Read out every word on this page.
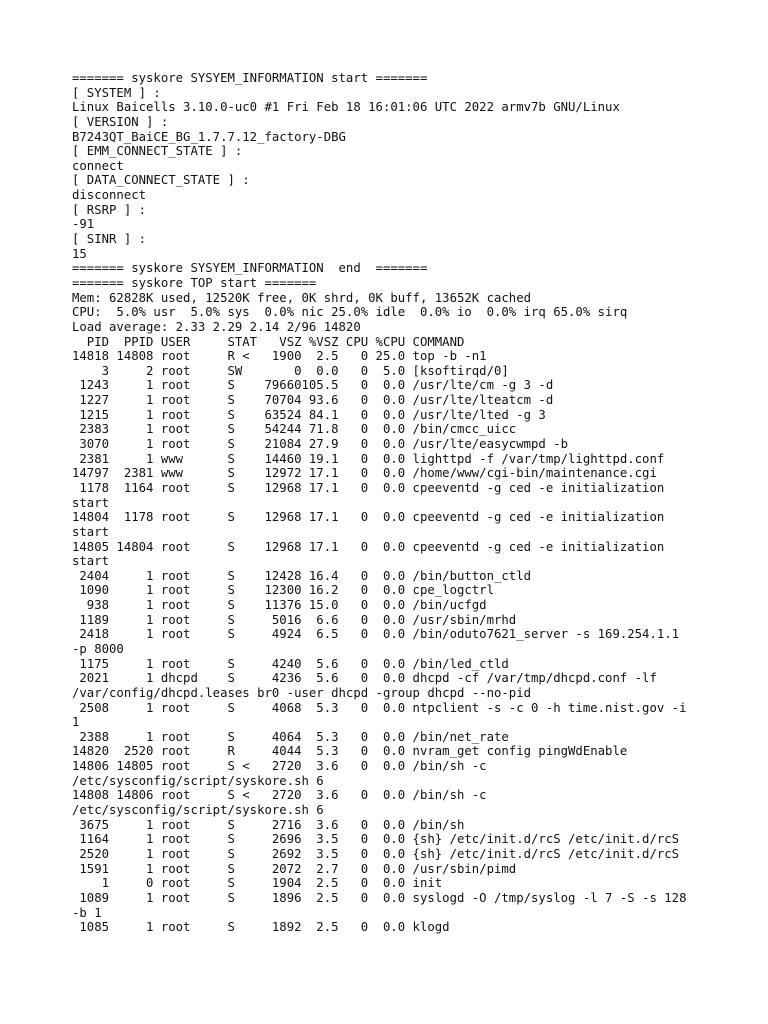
======= syskore SYSYEM_INFORMATION start =======
[ SYSTEM ] :
Linux Baicells 3.10.0-uc0 #1 Fri Feb 18 16:01:06 UTC 2022 armv7b GNU/Linux
[ VERSION ] :
B7243QT_BaiCE_BG_1.7.7.12_factory-DBG
[ EMM_CONNECT_STATE ] :
connect
[ DATA_CONNECT_STATE ] :
disconnect
[ RSRP ] :
-91
[ SINR ] :
15
======= syskore SYSYEM_INFORMATION  end  =======
======= syskore TOP start =======
Mem: 62828K used, 12520K free, 0K shrd, 0K buff, 13652K cached
CPU:  5.0% usr  5.0% sys  0.0% nic 25.0% idle  0.0% io  0.0% irq 65.0% sirq
Load average: 2.33 2.29 2.14 2/96 14820
PID  PPID USER     STAT   VSZ %VSZ CPU %CPU COMMAND
14818 14808 root     R <   1900  2.5   0 25.0 top -b -n1
3     2 root     SW       0  0.0   0  5.0 [ksoftirqd/0]
1243     1 root     S    79660105.5   0  0.0 /usr/lte/cm -g 3 -d
1227     1 root     S    70704 93.6   0  0.0 /usr/lte/lteatcm -d
1215     1 root     S    63524 84.1   0  0.0 /usr/lte/lted -g 3
2383     1 root     S    54244 71.8   0  0.0 /bin/cmcc_uicc
3070     1 root     S    21084 27.9   0  0.0 /usr/lte/easycwmpd -b
2381     1 www      S    14460 19.1   0  0.0 lighttpd -f /var/tmp/lighttpd.conf
14797  2381 www      S    12972 17.1   0  0.0 /home/www/cgi-bin/maintenance.cgi
1178  1164 root     S    12968 17.1   0  0.0 cpeeventd -g ced -e initialization
start
14804  1178 root     S    12968 17.1   0  0.0 cpeeventd -g ced -e initialization
start
14805 14804 root     S    12968 17.1   0  0.0 cpeeventd -g ced -e initialization
start
2404     1 root     S    12428 16.4   0  0.0 /bin/button_ctld
1090     1 root     S    12300 16.2   0  0.0 cpe_logctrl
938     1 root     S    11376 15.0   0  0.0 /bin/ucfgd
1189     1 root     S     5016  6.6   0  0.0 /usr/sbin/mrhd
2418     1 root     S     4924  6.5   0  0.0 /bin/oduto7621_server -s 169.254.1.1
-p 8000
1175     1 root     S     4240  5.6   0  0.0 /bin/led_ctld
2021     1 dhcpd    S     4236  5.6   0  0.0 dhcpd -cf /var/tmp/dhcpd.conf -lf
/var/config/dhcpd.leases br0 -user dhcpd -group dhcpd --no-pid
2508     1 root     S     4068  5.3   0  0.0 ntpclient -s -c 0 -h time.nist.gov -i
1
2388     1 root     S     4064  5.3   0  0.0 /bin/net_rate
14820  2520 root     R     4044  5.3   0  0.0 nvram_get config pingWdEnable
14806 14805 root     S <   2720  3.6   0  0.0 /bin/sh -c
/etc/sysconfig/script/syskore.sh 6
14808 14806 root     S <   2720  3.6   0  0.0 /bin/sh -c
/etc/sysconfig/script/syskore.sh 6
3675     1 root     S     2716  3.6   0  0.0 /bin/sh
1164     1 root     S     2696  3.5   0  0.0 {sh} /etc/init.d/rcS /etc/init.d/rcS
2520     1 root     S     2692  3.5   0  0.0 {sh} /etc/init.d/rcS /etc/init.d/rcS
1591     1 root     S     2072  2.7   0  0.0 /usr/sbin/pimd
1     0 root     S     1904  2.5   0  0.0 init
1089     1 root     S     1896  2.5   0  0.0 syslogd -O /tmp/syslog -l 7 -S -s 128
-b 1
1085     1 root     S     1892  2.5   0  0.0 klogd
